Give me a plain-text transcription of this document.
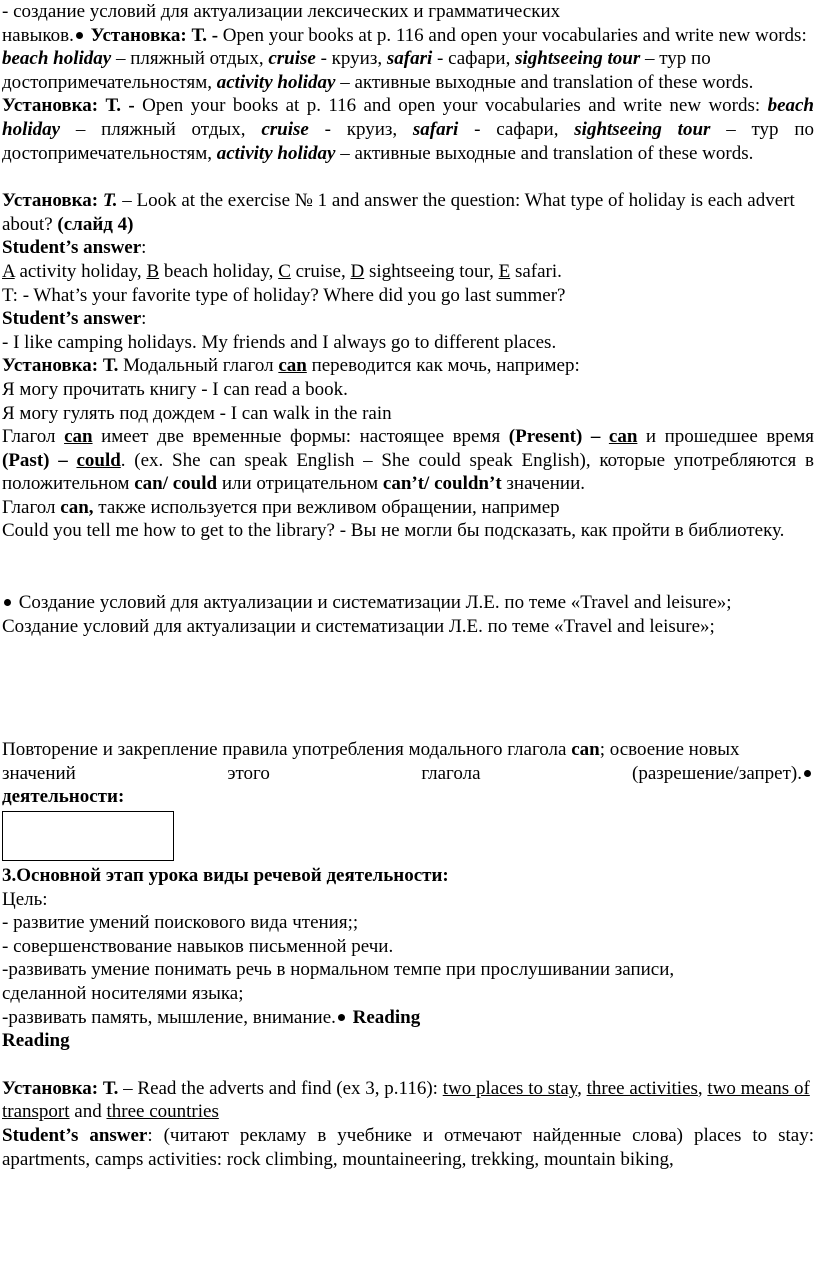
- создание условий для актуализации лексических и грамматических
навыков. Установка: Т. - Open your books at p. 116 and open your vocabularies and write new words: beach holiday – пляжный отдых, cruise - круиз, safari - сафари, sightseeing tour – тур по достопримечательностям, activity holiday – активные выходные and translation of these words.

Установка: Т. - Open your books at p. 116 and open your vocabularies and write new words: beach holiday – пляжный отдых, cruise - круиз, safari - сафари, sightseeing tour – тур по достопримечательностям, activity holiday – активные выходные and translation of these words.

Установка: T. – Look at the exercise № 1 and answer the question: What type of holiday is each advert about? (слайд 4)

Student’s answer:

A activity holiday, B beach holiday, C cruise, D sightseeing tour, E safari.

T: - What’s your favorite type of holiday? Where did you go last summer?

Student’s answer:

- I like camping holidays. My friends and I always go to different places.

Установка: Т. Модальный глагол can переводится как мочь, например:

Я могу прочитать книгу - I can read a book.

Я могу гулять под дождем - I can walk in the rain

Глагол can имеет две временные формы: настоящее время (Present) – can и прошедшее время (Past) – could. (ex. She can speak English – She could speak English), которые употребляются в положительном can/ could или отрицательном can’t/ couldn’t значении.

Глагол can, также используется при вежливом обращении, например

Could you tell me how to get to the library? - Вы не могли бы подсказать, как пройти в библиотеку.

Создание условий для актуализации и систематизации Л.Е. по теме «Travel and leisure»;

Создание условий для актуализации и систематизации Л.Е. по теме «Travel and leisure»;

Повторение и закрепление правила употребления модального глагола can; освоение новых

значений	этого	глагола	(разрешение/запрет).

деятельности:

3.Основной этап урока виды речевой деятельности:

Цель:

- развитие умений поискового вида чтения;;

- совершенствование навыков письменной речи.

-развивать умение понимать речь в нормальном темпе при прослушивании записи, сделанной носителями языка;

-развивать память, мышление, внимание. Reading

Reading

Установка: Т. – Read the adverts and find (ex 3, p.116): two places to stay, three activities, two means of transport and three countries

Student’s answer: (читают рекламу в учебнике и отмечают найденные слова) places to stay: apartments, camps activities: rock climbing, mountaineering, trekking, mountain biking,
